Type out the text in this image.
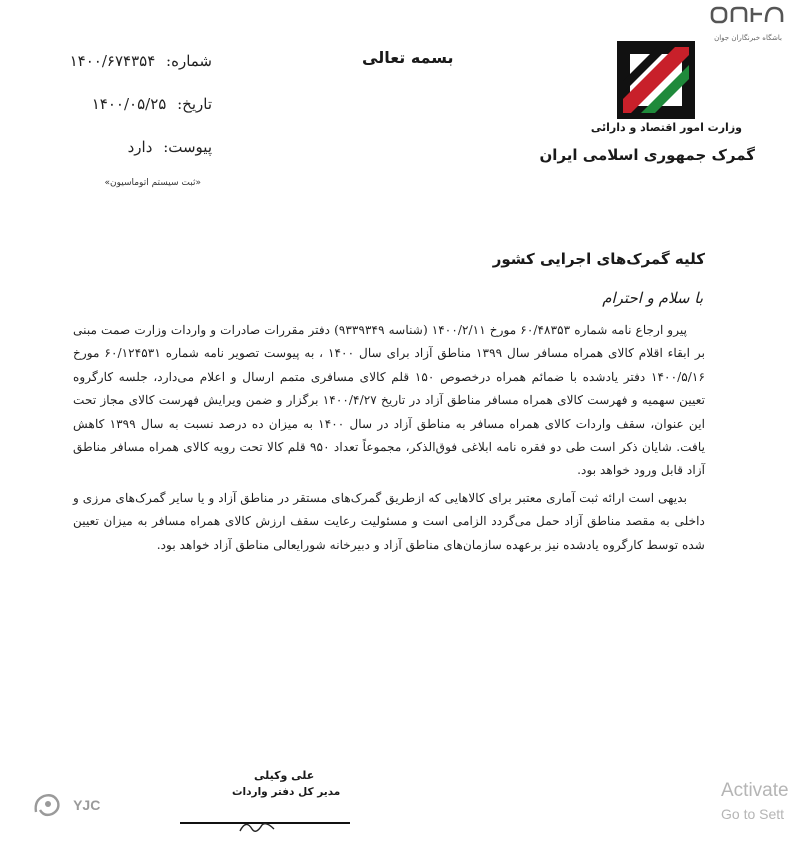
باشگاه خبرنگاران جوان
وزارت امور اقتصاد و دارائی
گمرک جمهوری اسلامی ایران
بسمه تعالی
شماره: ۱۴۰۰/۶۷۴۳۵۴
تاریخ: ۱۴۰۰/۰۵/۲۵
پیوست: دارد
«ثبت سیستم اتوماسیون»
کلیه گمرک‌های اجرایی کشور
با سلام و احترام

پیرو ارجاع نامه شماره ۶۰/۴۸۳۵۳ مورخ ۱۴۰۰/۲/۱۱ (شناسه ۹۳۳۹۳۴۹) دفتر مقررات صادرات و واردات وزارت صمت مبنی بر ابقاء اقلام کالای همراه مسافر سال ۱۳۹۹ مناطق آزاد برای سال ۱۴۰۰ ، به پیوست تصویر نامه شماره ۶۰/۱۲۴۵۳۱ مورخ ۱۴۰۰/۵/۱۶ دفتر یادشده با ضمائم همراه درخصوص ۱۵۰ قلم کالای مسافری متمم ارسال و اعلام می‌دارد، جلسه کارگروه تعیین سهمیه و فهرست کالای همراه مسافر مناطق آزاد در تاریخ ۱۴۰۰/۴/۲۷ برگزار و ضمن ویرایش فهرست کالای مجاز تحت این عنوان، سقف واردات کالای همراه مسافر به مناطق آزاد در سال ۱۴۰۰ به میزان ده درصد نسبت به سال ۱۳۹۹ کاهش یافت. شایان ذکر است طی دو فقره نامه ابلاغی فوق‌الذکر، مجموعاً تعداد ۹۵۰ قلم کالا تحت رویه کالای همراه مسافر مناطق آزاد قابل ورود خواهد بود.

بدیهی است ارائه ثبت آماری معتبر برای کالاهایی که ازطریق گمرک‌های مستقر در مناطق آزاد و یا سایر گمرک‌های مرزی و داخلی به مقصد مناطق آزاد حمل می‌گردد الزامی است و مسئولیت رعایت سقف ارزش کالای همراه مسافر به میزان تعیین شده توسط کارگروه یادشده نیز برعهده سازمان‌های مناطق آزاد و دبیرخانه شورایعالی مناطق آزاد خواهد بود.

علی وکیلی
مدیر کل دفتر واردات
YJC
Activate
Go to Sett
